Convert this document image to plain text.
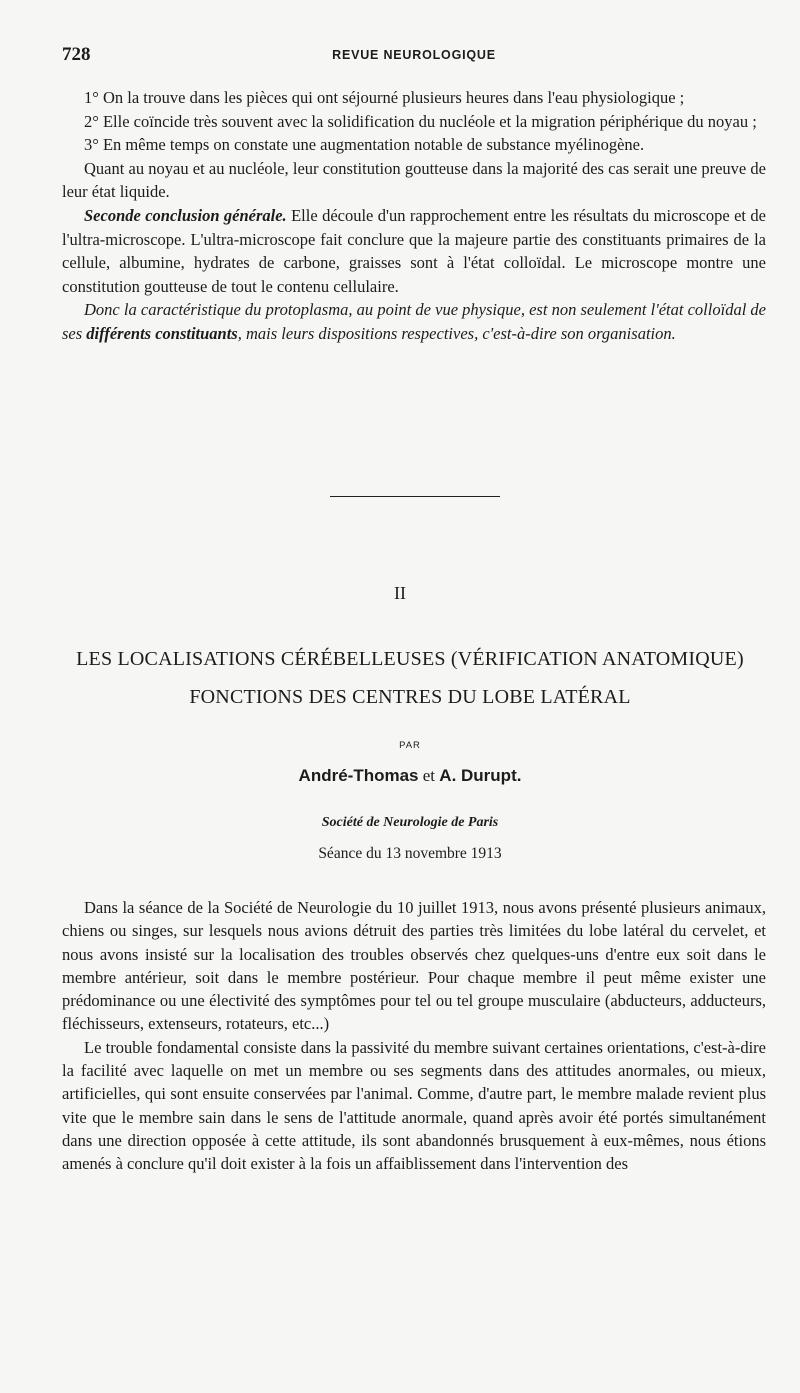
728	REVUE NEUROLOGIQUE

1° On la trouve dans les pièces qui ont séjourné plusieurs heures dans l'eau physiologique ;

2° Elle coïncide très souvent avec la solidification du nucléole et la migration périphérique du noyau ;

3° En même temps on constate une augmentation notable de substance myélinogène.

Quant au noyau et au nucléole, leur constitution goutteuse dans la majorité des cas serait une preuve de leur état liquide.

Seconde conclusion générale. Elle découle d'un rapprochement entre les résultats du microscope et de l'ultra-microscope. L'ultra-microscope fait conclure que la majeure partie des constituants primaires de la cellule, albumine, hydrates de carbone, graisses sont à l'état colloïdal. Le microscope montre une constitution goutteuse de tout le contenu cellulaire.

Donc la caractéristique du protoplasma, au point de vue physique, est non seulement l'état colloïdal de ses différents constituants, mais leurs dispositions respectives, c'est-à-dire son organisation.

II
LES LOCALISATIONS CÉRÉBELLEUSES (VÉRIFICATION ANATOMIQUE)
FONCTIONS DES CENTRES DU LOBE LATÉRAL
PAR
André-Thomas et A. Durupt.
Société de Neurologie de Paris
Séance du 13 novembre 1913

Dans la séance de la Société de Neurologie du 10 juillet 1913, nous avons présenté plusieurs animaux, chiens ou singes, sur lesquels nous avions détruit des parties très limitées du lobe latéral du cervelet, et nous avons insisté sur la localisation des troubles observés chez quelques-uns d'entre eux soit dans le membre antérieur, soit dans le membre postérieur. Pour chaque membre il peut même exister une prédominance ou une électivité des symptômes pour tel ou tel groupe musculaire (abducteurs, adducteurs, fléchisseurs, extenseurs, rotateurs, etc...)

Le trouble fondamental consiste dans la passivité du membre suivant certaines orientations, c'est-à-dire la facilité avec laquelle on met un membre ou ses segments dans des attitudes anormales, ou mieux, artificielles, qui sont ensuite conservées par l'animal. Comme, d'autre part, le membre malade revient plus vite que le membre sain dans le sens de l'attitude anormale, quand après avoir été portés simultanément dans une direction opposée à cette attitude, ils sont abandonnés brusquement à eux-mêmes, nous étions amenés à conclure qu'il doit exister à la fois un affaiblissement dans l'intervention des
